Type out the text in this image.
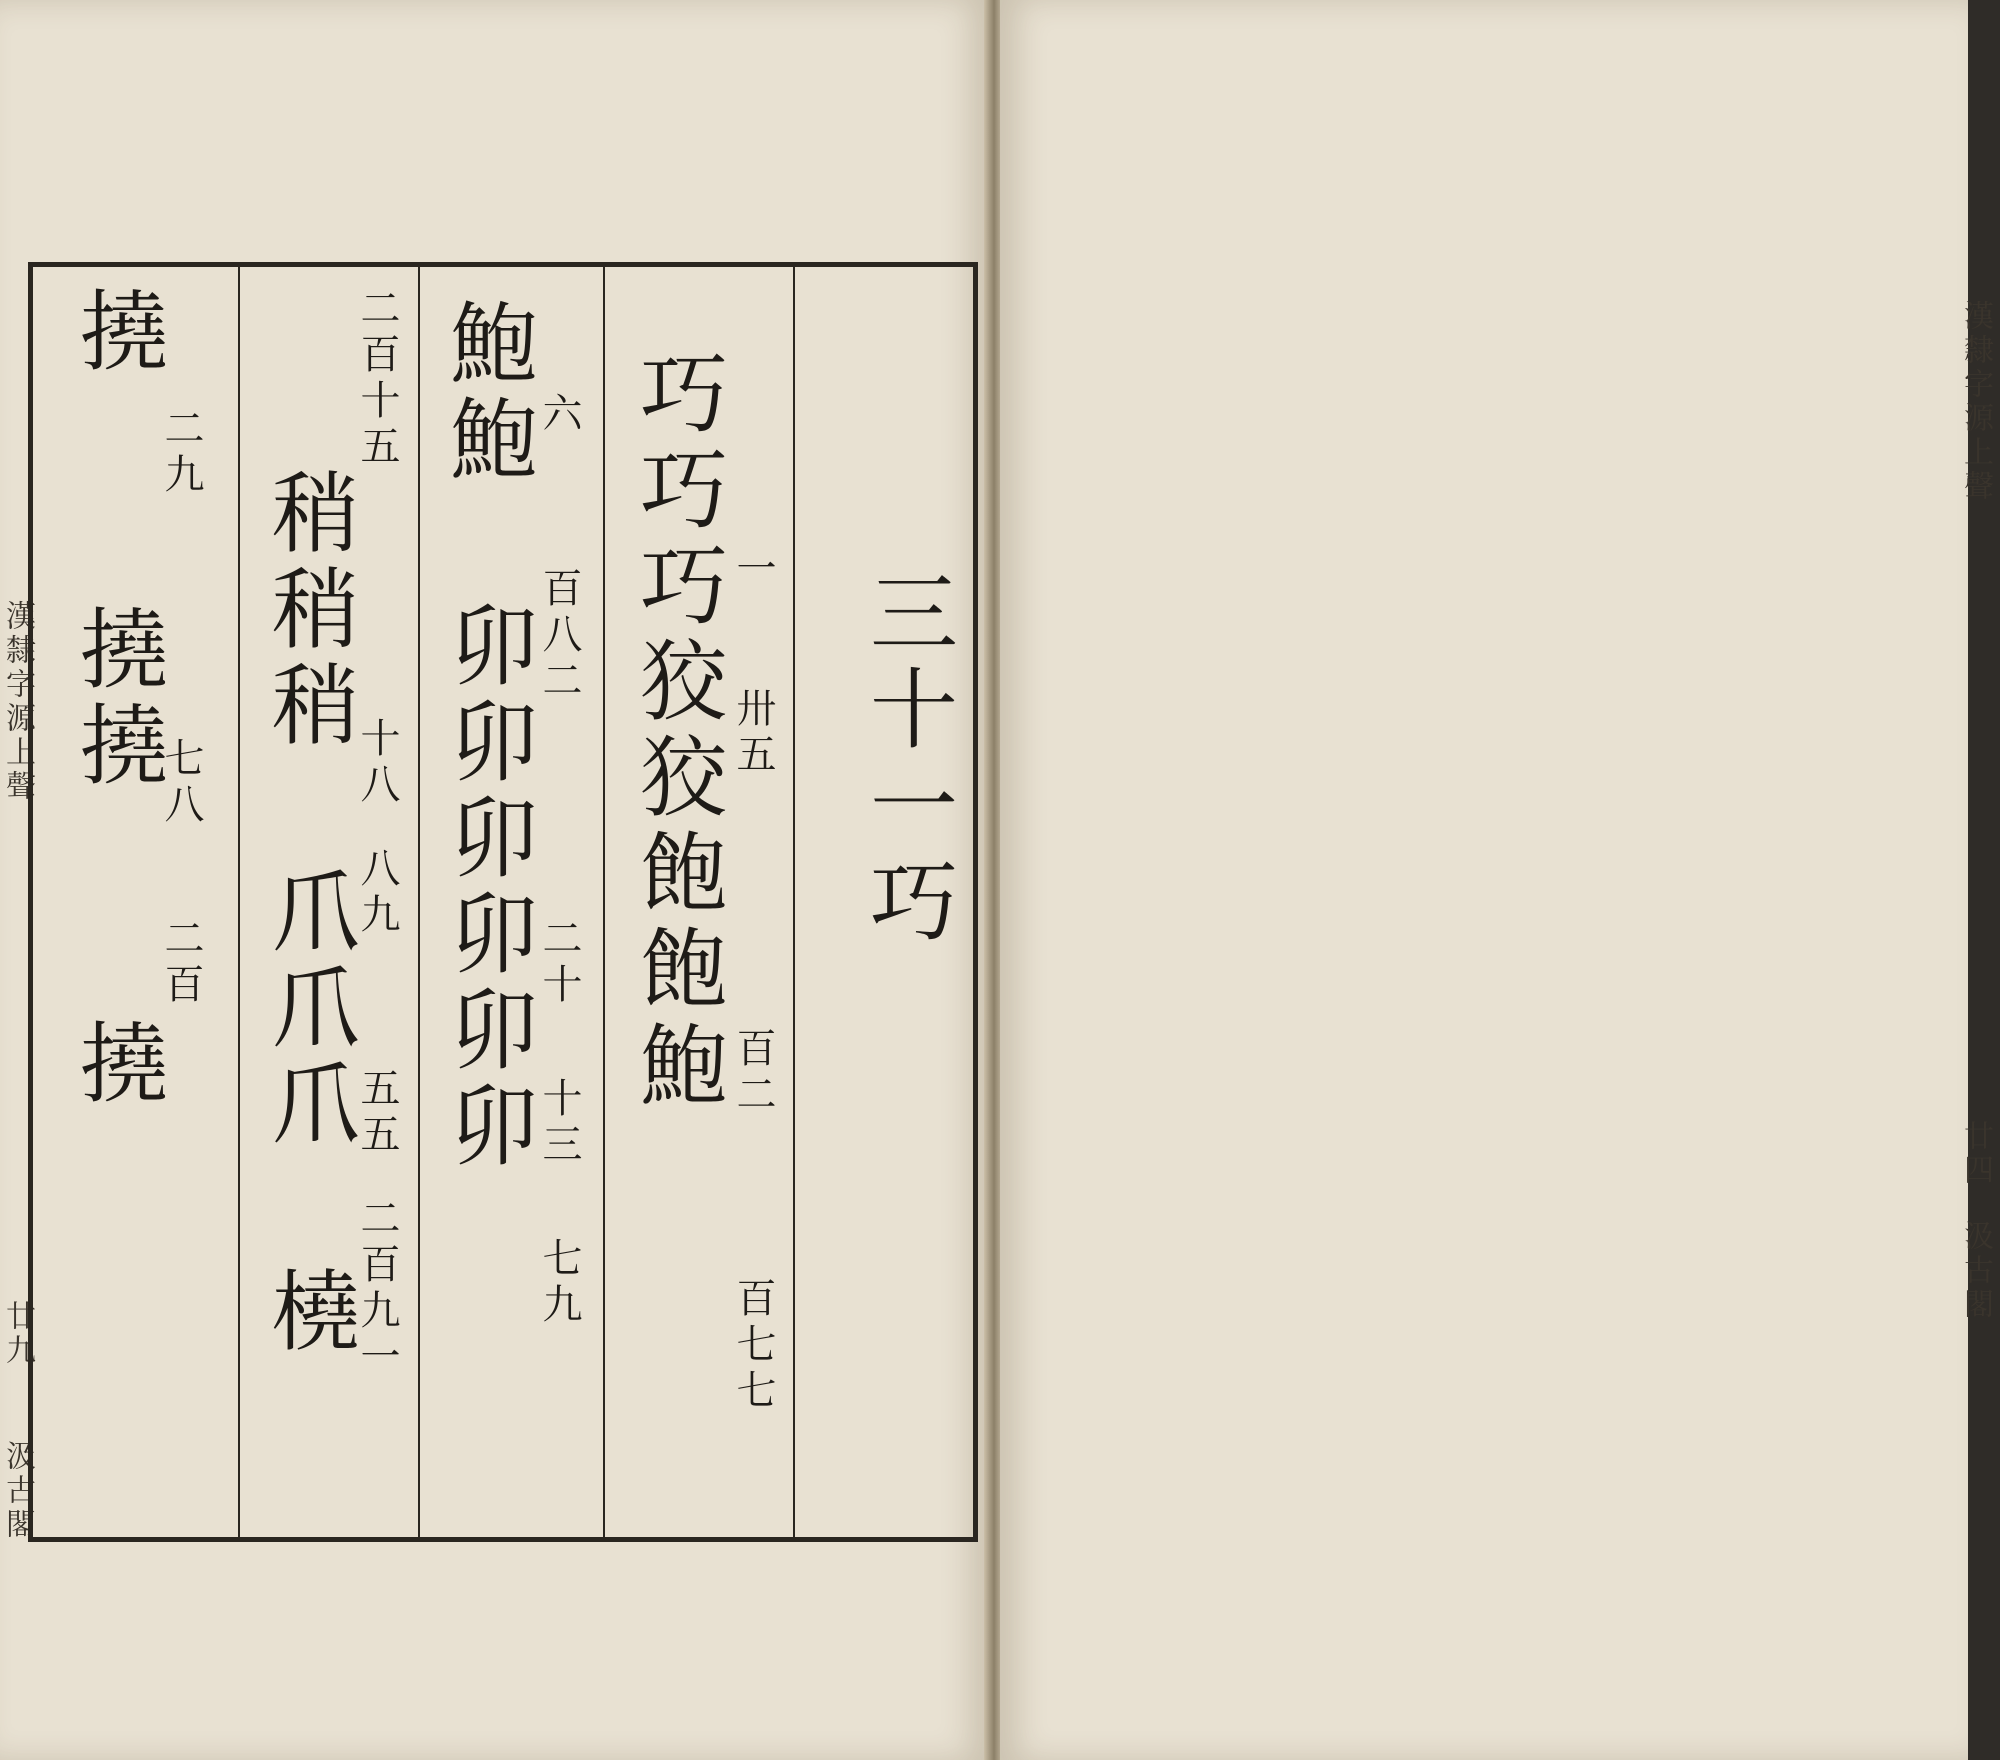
漢隸字源上聲
廿九
汲古閣
撓  撓撓  撓
二九
七八
二百 稍稍稍 爪爪爪 橈
二百十五
十八
八九
五五
二百九一
鮑鮑 卯卯卯卯卯卯
六
百八二
二十
十三
七九
巧巧巧狡狡飽飽鮑 一
卅五
百二
百七七
三十一巧
漢隸字源上聲
廿四
汲古閣
